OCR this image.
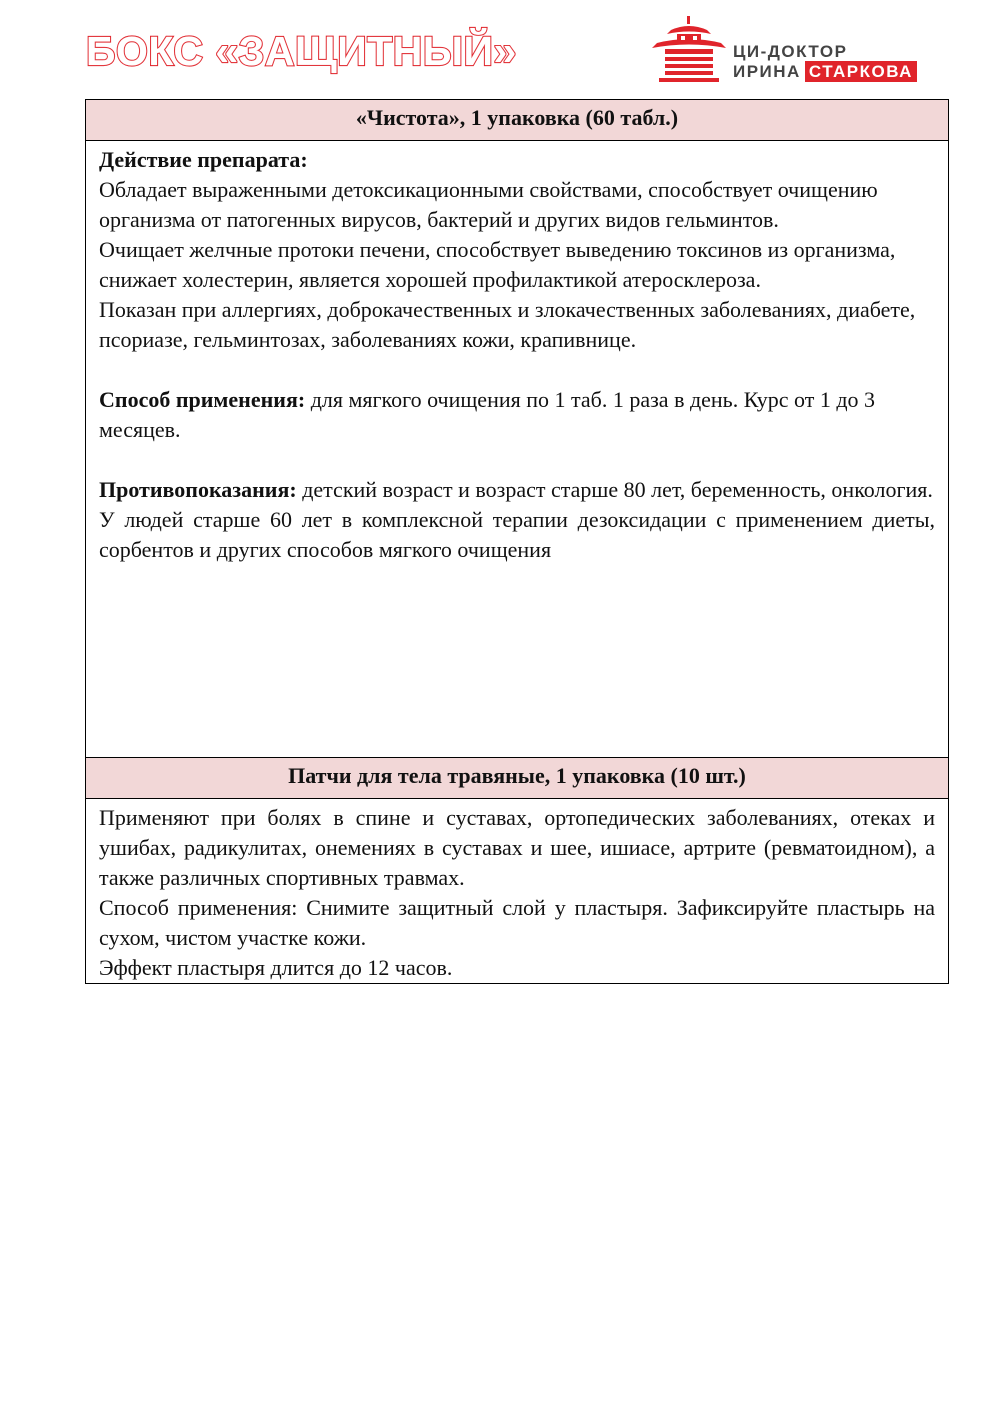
БОКС «ЗАЩИТНЫЙ»	ЦИ-ДОКТОР
ИРИНА СТАРКОВА
«Чистота», 1 упаковка (60 табл.)

Действие препарата:

Обладает выраженными детоксикационными свойствами, способствует очищению организма от патогенных вирусов, бактерий и других видов гельминтов.

Очищает желчные протоки печени, способствует выведению токсинов из организма, снижает холестерин, является хорошей профилактикой атеросклероза.

Показан при аллергиях, доброкачественных и злокачественных заболеваниях, диабете, псориазе, гельминтозах, заболеваниях кожи, крапивнице.

Способ применения: для мягкого очищения по 1 таб. 1 раза в день. Курс от 1 до 3 месяцев.

Противопоказания: детский возраст и возраст старше 80 лет, беременность, онкология.

У людей старше 60 лет в комплексной терапии дезоксидации с применением диеты, сорбентов и других способов мягкого очищения

Патчи для тела травяные, 1 упаковка (10 шт.)

Применяют при болях в спине и суставах, ортопедических заболеваниях, отеках и ушибах, радикулитах, онемениях в суставах и шее, ишиасе, артрите (ревматоидном), а также различных спортивных травмах.

Способ применения: Снимите защитный слой у пластыря. Зафиксируйте пластырь на сухом, чистом участке кожи.

Эффект пластыря длится до 12 часов.
